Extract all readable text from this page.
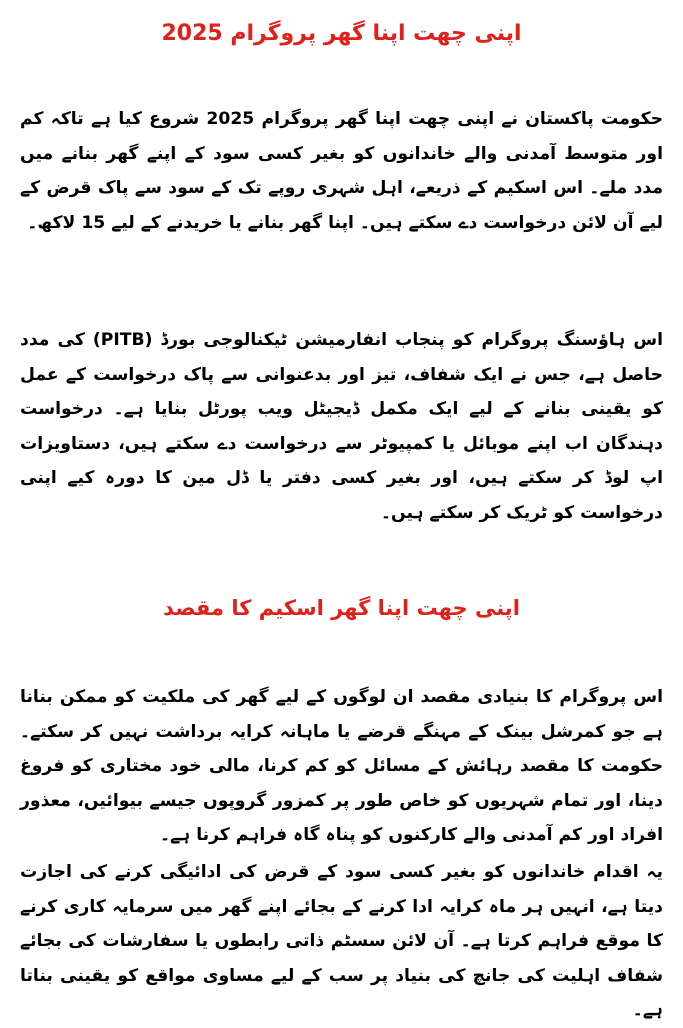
اپنی چھت اپنا گھر پروگرام 2025

حکومت پاکستان نے اپنی چھت اپنا گھر پروگرام 2025 شروع کیا ہے تاکہ کم اور متوسط آمدنی والے خاندانوں کو بغیر کسی سود کے اپنے گھر بنانے میں مدد ملے۔ اس اسکیم کے ذریعے، اہل شہری روپے تک کے سود سے پاک قرض کے لیے آن لائن درخواست دے سکتے ہیں۔ اپنا گھر بنانے یا خریدنے کے لیے 15 لاکھ۔

اس ہاؤسنگ پروگرام کو پنجاب انفارمیشن ٹیکنالوجی بورڈ (PITB) کی مدد حاصل ہے، جس نے ایک شفاف، تیز اور بدعنوانی سے پاک درخواست کے عمل کو یقینی بنانے کے لیے ایک مکمل ڈیجیٹل ویب پورٹل بنایا ہے۔ درخواست دہندگان اب اپنے موبائل یا کمپیوٹر سے درخواست دے سکتے ہیں، دستاویزات اپ لوڈ کر سکتے ہیں، اور بغیر کسی دفتر یا ڈل مین کا دورہ کیے اپنی درخواست کو ٹریک کر سکتے ہیں۔

اپنی چھت اپنا گھر اسکیم کا مقصد

اس پروگرام کا بنیادی مقصد ان لوگوں کے لیے گھر کی ملکیت کو ممکن بنانا ہے جو کمرشل بینک کے مہنگے قرضے یا ماہانہ کرایہ برداشت نہیں کر سکتے۔ حکومت کا مقصد رہائش کے مسائل کو کم کرنا، مالی خود مختاری کو فروغ دینا، اور تمام شہریوں کو خاص طور پر کمزور گروپوں جیسے بیوائیں، معذور افراد اور کم آمدنی والے کارکنوں کو پناہ گاہ فراہم کرنا ہے۔

یہ اقدام خاندانوں کو بغیر کسی سود کے قرض کی ادائیگی کرنے کی اجازت دیتا ہے، انہیں ہر ماہ کرایہ ادا کرنے کے بجائے اپنے گھر میں سرمایہ کاری کرنے کا موقع فراہم کرتا ہے۔ آن لائن سسٹم ذاتی رابطوں یا سفارشات کی بجائے شفاف اہلیت کی جانچ کی بنیاد پر سب کے لیے مساوی مواقع کو یقینی بناتا ہے۔
